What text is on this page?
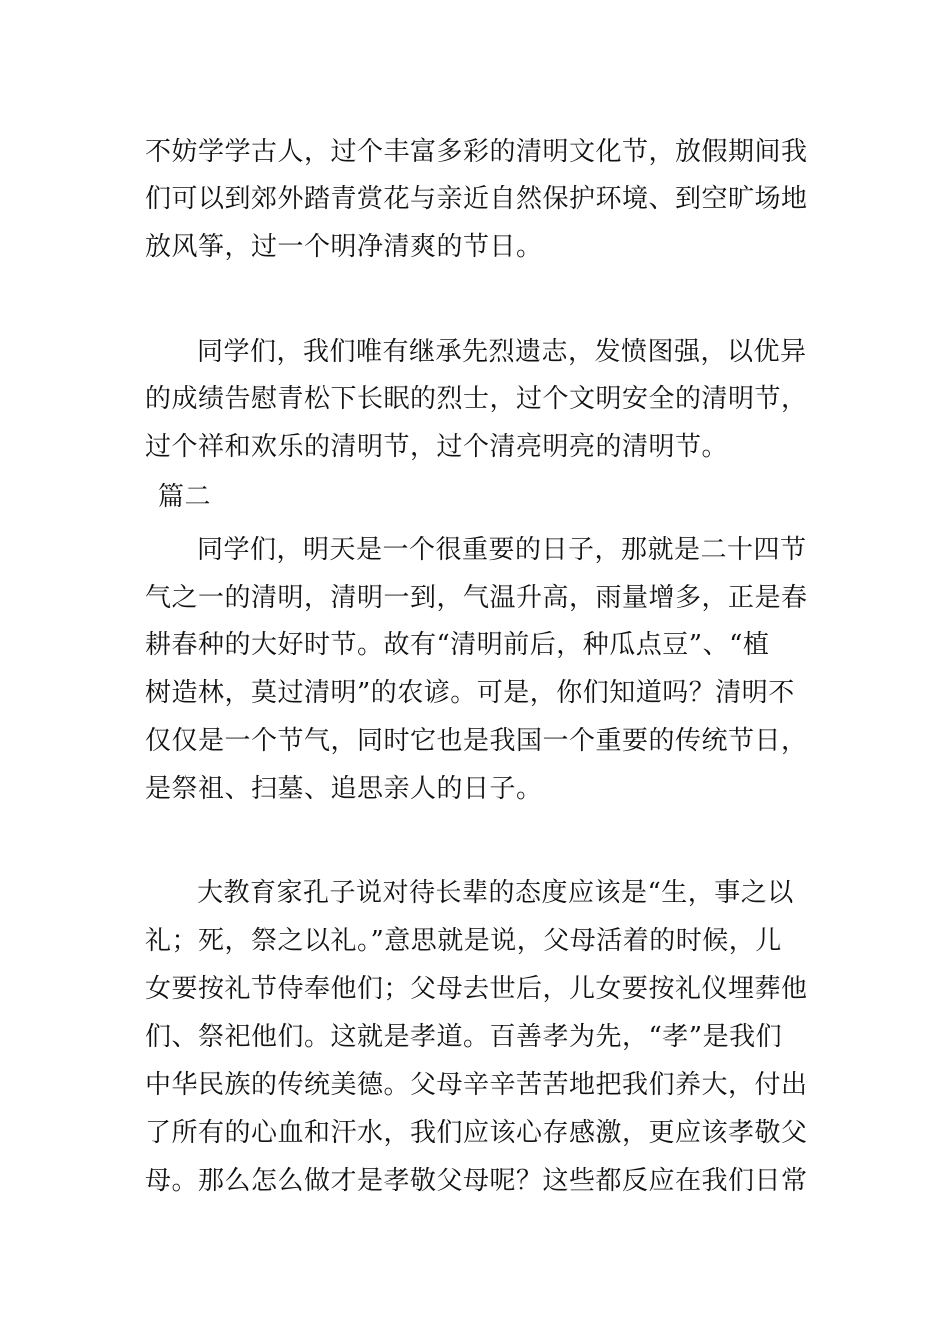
不妨学学古人，过个丰富多彩的清明文化节，放假期间我
们可以到郊外踏青赏花与亲近自然保护环境、到空旷场地
放风筝，过一个明净清爽的节日。
同学们，我们唯有继承先烈遗志，发愤图强，以优异
的成绩告慰青松下长眠的烈士，过个文明安全的清明节，
过个祥和欢乐的清明节，过个清亮明亮的清明节。
篇二
同学们，明天是一个很重要的日子，那就是二十四节
气之一的清明，清明一到，气温升高，雨量增多，正是春
耕春种的大好时节。故有“清明前后，种瓜点豆”、“植
树造林，莫过清明”的农谚。可是，你们知道吗？清明不
仅仅是一个节气，同时它也是我国一个重要的传统节日，
是祭祖、扫墓、追思亲人的日子。
大教育家孔子说对待长辈的态度应该是“生，事之以
礼；死，祭之以礼。”意思就是说，父母活着的时候，儿
女要按礼节侍奉他们；父母去世后，儿女要按礼仪埋葬他
们、祭祀他们。这就是孝道。百善孝为先，“孝”是我们
中华民族的传统美德。父母辛辛苦苦地把我们养大，付出
了所有的心血和汗水，我们应该心存感激，更应该孝敬父
母。那么怎么做才是孝敬父母呢？这些都反应在我们日常
